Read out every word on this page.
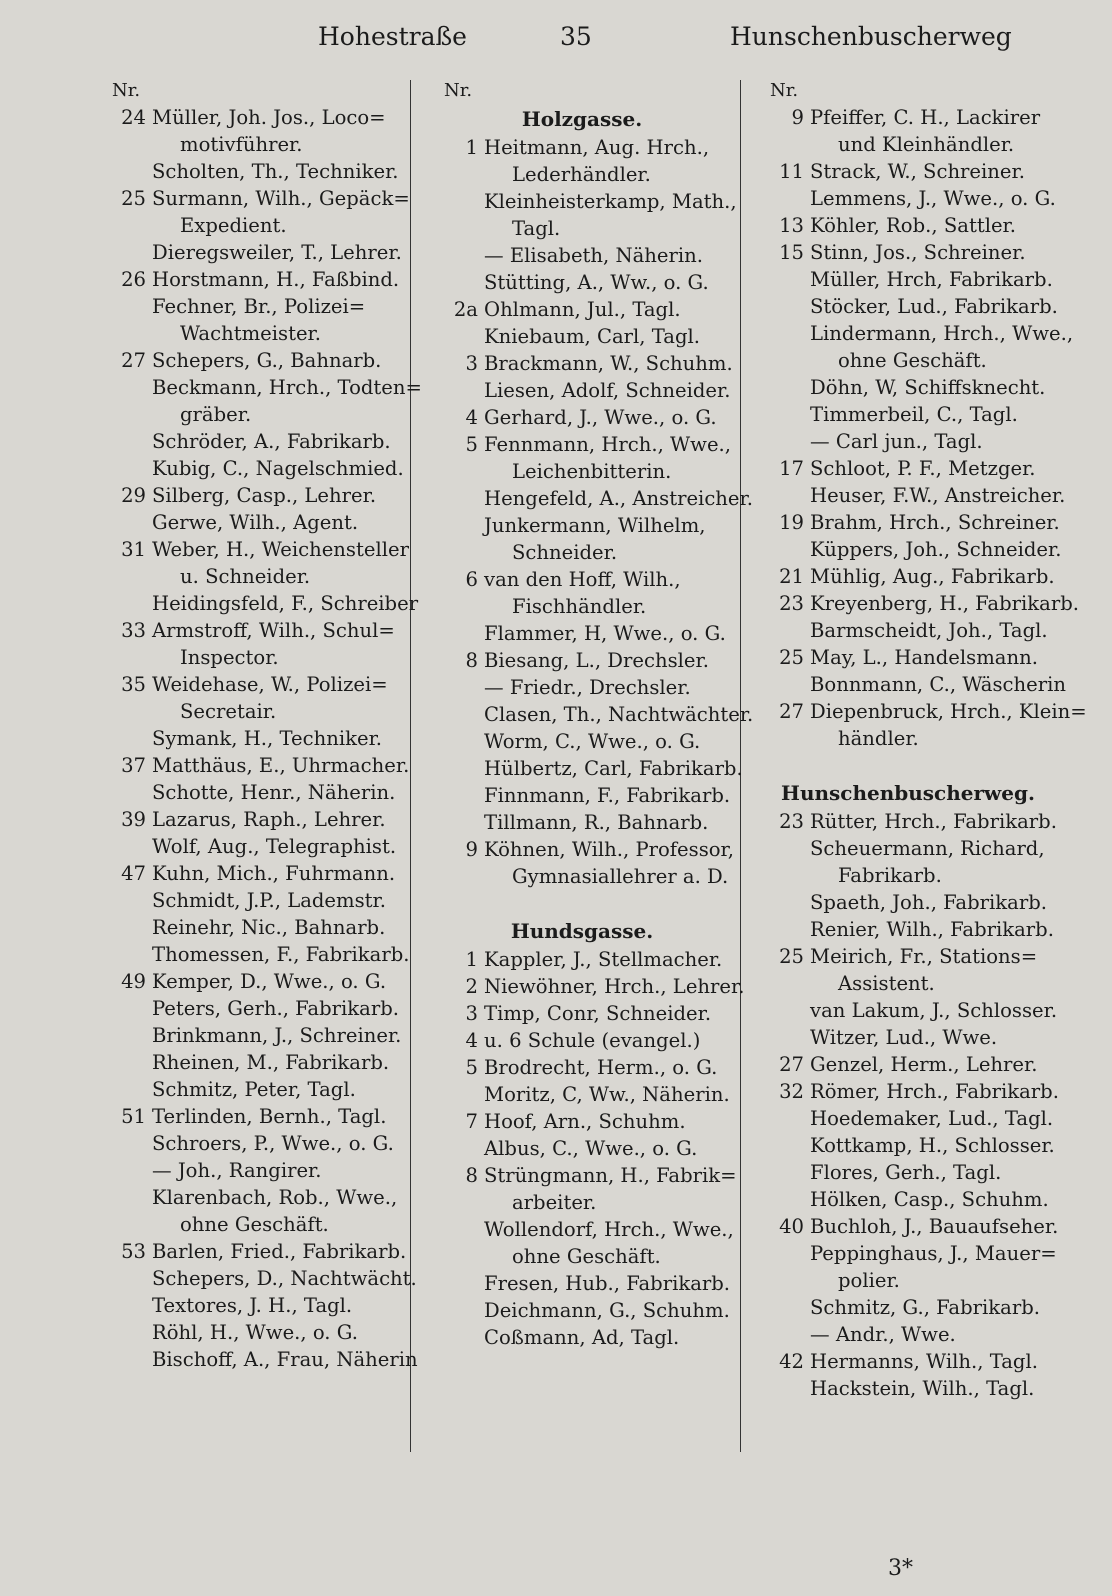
Hohestraße	35	Hunschenbuscherweg
Nr.
24 Müller, Joh. Jos., Loco=
motivführer.
Scholten, Th., Techniker.
25 Surmann, Wilh., Gepäck=
Expedient.
Dieregsweiler, T., Lehrer.
26 Horstmann, H., Faßbind.
Fechner, Br., Polizei=
Wachtmeister.
27 Schepers, G., Bahnarb.
Beckmann, Hrch., Todten=
gräber.
Schröder, A., Fabrikarb.
Kubig, C., Nagelschmied.
29 Silberg, Casp., Lehrer.
Gerwe, Wilh., Agent.
31 Weber, H., Weichensteller
u. Schneider.
Heidingsfeld, F., Schreiber
33 Armstroff, Wilh., Schul=
Inspector.
35 Weidehase, W., Polizei=
Secretair.
Symank, H., Techniker.
37 Matthäus, E., Uhrmacher.
Schotte, Henr., Näherin.
39 Lazarus, Raph., Lehrer.
Wolf, Aug., Telegraphist.
47 Kuhn, Mich., Fuhrmann.
Schmidt, J.P., Lademstr.
Reinehr, Nic., Bahnarb.
Thomessen, F., Fabrikarb.
49 Kemper, D., Wwe., o. G.
Peters, Gerh., Fabrikarb.
Brinkmann, J., Schreiner.
Rheinen, M., Fabrikarb.
Schmitz, Peter, Tagl.
51 Terlinden, Bernh., Tagl.
Schroers, P., Wwe., o. G.
— Joh., Rangirer.
Klarenbach, Rob., Wwe.,
ohne Geschäft.
53 Barlen, Fried., Fabrikarb.
Schepers, D., Nachtwächt.
Textores, J. H., Tagl.
Röhl, H., Wwe., o. G.
Bischoff, A., Frau, Näherin
Nr.
Holzgasse.
1 Heitmann, Aug. Hrch.,
Lederhändler.
Kleinheisterkamp, Math.,
Tagl.
— Elisabeth, Näherin.
Stütting, A., Ww., o. G.
2a Ohlmann, Jul., Tagl.
Kniebaum, Carl, Tagl.
3 Brackmann, W., Schuhm.
Liesen, Adolf, Schneider.
4 Gerhard, J., Wwe., o. G.
5 Fennmann, Hrch., Wwe.,
Leichenbitterin.
Hengefeld, A., Anstreicher.
Junkermann, Wilhelm,
Schneider.
6 van den Hoff, Wilh.,
Fischhändler.
Flammer, H, Wwe., o. G.
8 Biesang, L., Drechsler.
— Friedr., Drechsler.
Clasen, Th., Nachtwächter.
Worm, C., Wwe., o. G.
Hülbertz, Carl, Fabrikarb.
Finnmann, F., Fabrikarb.
Tillmann, R., Bahnarb.
9 Köhnen, Wilh., Professor,
Gymnasiallehrer a. D.
Hundsgasse.
1 Kappler, J., Stellmacher.
2 Niewöhner, Hrch., Lehrer.
3 Timp, Conr, Schneider.
4 u. 6 Schule (evangel.)
5 Brodrecht, Herm., o. G.
Moritz, C, Ww., Näherin.
7 Hoof, Arn., Schuhm.
Albus, C., Wwe., o. G.
8 Strüngmann, H., Fabrik=
arbeiter.
Wollendorf, Hrch., Wwe.,
ohne Geschäft.
Fresen, Hub., Fabrikarb.
Deichmann, G., Schuhm.
Coßmann, Ad, Tagl.
Nr.
9 Pfeiffer, C. H., Lackirer
und Kleinhändler.
11 Strack, W., Schreiner.
Lemmens, J., Wwe., o. G.
13 Köhler, Rob., Sattler.
15 Stinn, Jos., Schreiner.
Müller, Hrch, Fabrikarb.
Stöcker, Lud., Fabrikarb.
Lindermann, Hrch., Wwe.,
ohne Geschäft.
Döhn, W, Schiffsknecht.
Timmerbeil, C., Tagl.
— Carl jun., Tagl.
17 Schloot, P. F., Metzger.
Heuser, F.W., Anstreicher.
19 Brahm, Hrch., Schreiner.
Küppers, Joh., Schneider.
21 Mühlig, Aug., Fabrikarb.
23 Kreyenberg, H., Fabrikarb.
Barmscheidt, Joh., Tagl.
25 May, L., Handelsmann.
Bonnmann, C., Wäscherin
27 Diepenbruck, Hrch., Klein=
händler.
Hunschenbuscherweg.
23 Rütter, Hrch., Fabrikarb.
Scheuermann, Richard,
Fabrikarb.
Spaeth, Joh., Fabrikarb.
Renier, Wilh., Fabrikarb.
25 Meirich, Fr., Stations=
Assistent.
van Lakum, J., Schlosser.
Witzer, Lud., Wwe.
27 Genzel, Herm., Lehrer.
32 Römer, Hrch., Fabrikarb.
Hoedemaker, Lud., Tagl.
Kottkamp, H., Schlosser.
Flores, Gerh., Tagl.
Hölken, Casp., Schuhm.
40 Buchloh, J., Bauaufseher.
Peppinghaus, J., Mauer=
polier.
Schmitz, G., Fabrikarb.
— Andr., Wwe.
42 Hermanns, Wilh., Tagl.
Hackstein, Wilh., Tagl.
3*
